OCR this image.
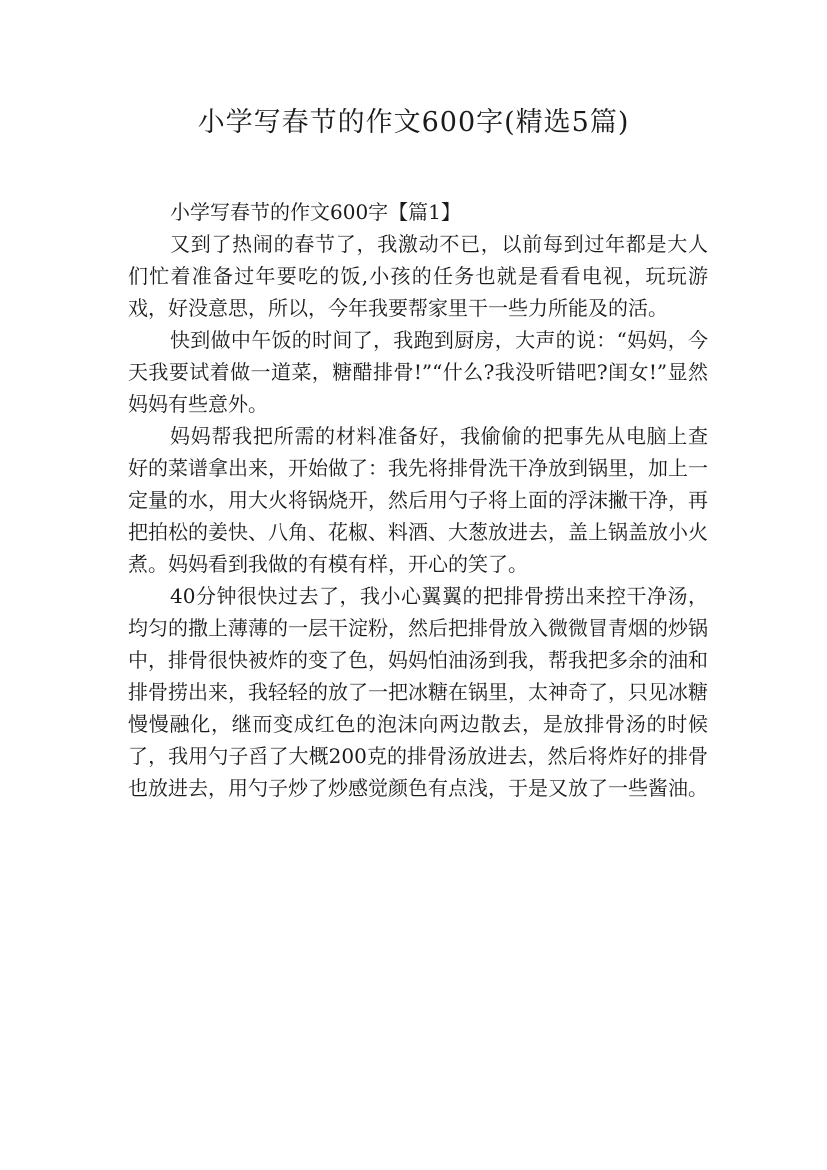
小学写春节的作文600字(精选5篇)

小学写春节的作文600字【篇1】

又到了热闹的春节了，我激动不已，以前每到过年都是大人们忙着准备过年要吃的饭,小孩的任务也就是看看电视，玩玩游戏，好没意思，所以，今年我要帮家里干一些力所能及的活。

快到做中午饭的时间了，我跑到厨房，大声的说：“妈妈，今天我要试着做一道菜，糖醋排骨!”“什么?我没听错吧?闺女!”显然妈妈有些意外。

妈妈帮我把所需的材料准备好，我偷偷的把事先从电脑上查好的菜谱拿出来，开始做了：我先将排骨洗干净放到锅里，加上一定量的水，用大火将锅烧开，然后用勺子将上面的浮沫撇干净，再把拍松的姜快、八角、花椒、料酒、大葱放进去，盖上锅盖放小火煮。妈妈看到我做的有模有样，开心的笑了。

40分钟很快过去了，我小心翼翼的把排骨捞出来控干净汤，均匀的撒上薄薄的一层干淀粉，然后把排骨放入微微冒青烟的炒锅中，排骨很快被炸的变了色，妈妈怕油汤到我，帮我把多余的油和排骨捞出来，我轻轻的放了一把冰糖在锅里，太神奇了，只见冰糖慢慢融化，继而变成红色的泡沫向两边散去，是放排骨汤的时候了，我用勺子舀了大概200克的排骨汤放进去，然后将炸好的排骨也放进去，用勺子炒了炒感觉颜色有点浅，于是又放了一些酱油。
